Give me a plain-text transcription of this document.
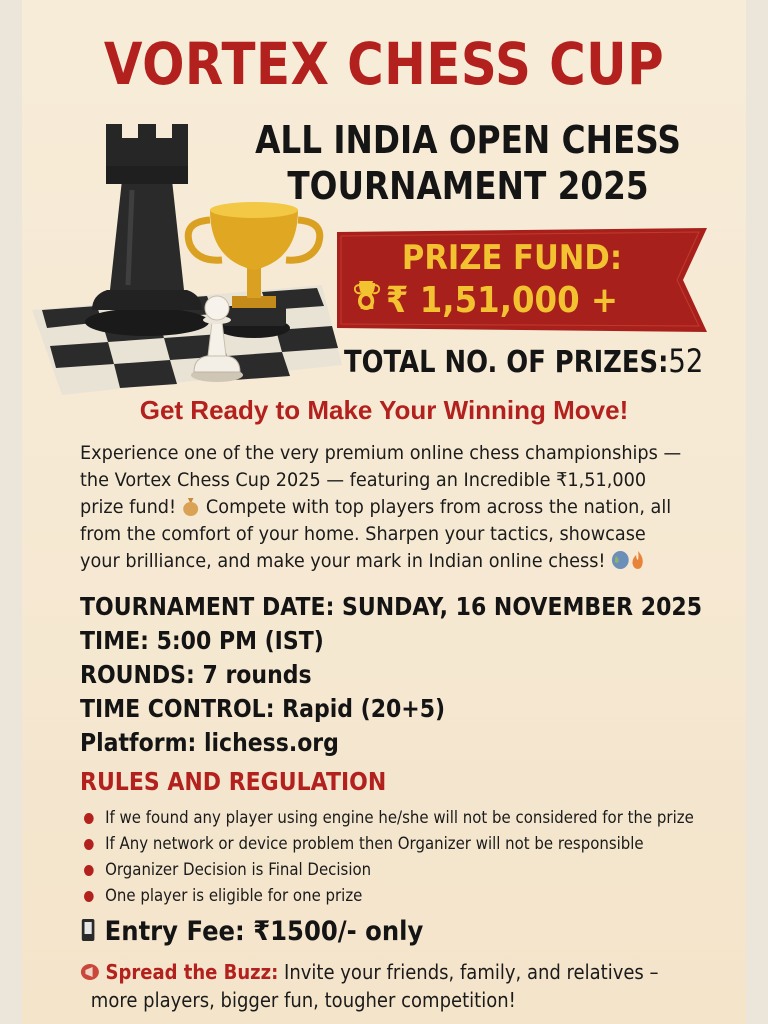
VORTEX CHESS CUP
ALL INDIA OPEN CHESS
TOURNAMENT 2025
PRIZE FUND:
₹ 1,51,000 +
TOTAL NO. OF PRIZES:52
Get Ready to Make Your Winning Move!
Experience one of the very premium online chess championships — the Vortex Chess Cup 2025 — featuring an Incredible ₹1,51,000 prize fund! Compete with top players from across the nation, all from the comfort of your home. Sharpen your tactics, showcase your brilliance, and make your mark in Indian online chess!
TOURNAMENT DATE: SUNDAY, 16 NOVEMBER 2025
TIME: 5:00 PM (IST)
ROUNDS: 7 rounds
TIME CONTROL: Rapid (20+5)
Platform: lichess.org
RULES AND REGULATION
If we found any player using engine he/she will not be considered for the prize
If Any network or device problem then Organizer will not be responsible
Organizer Decision is Final Decision
One player is eligible for one prize
Entry Fee: ₹1500/- only
Spread the Buzz: Invite your friends, family, and relatives –
more players, bigger fun, tougher competition!
